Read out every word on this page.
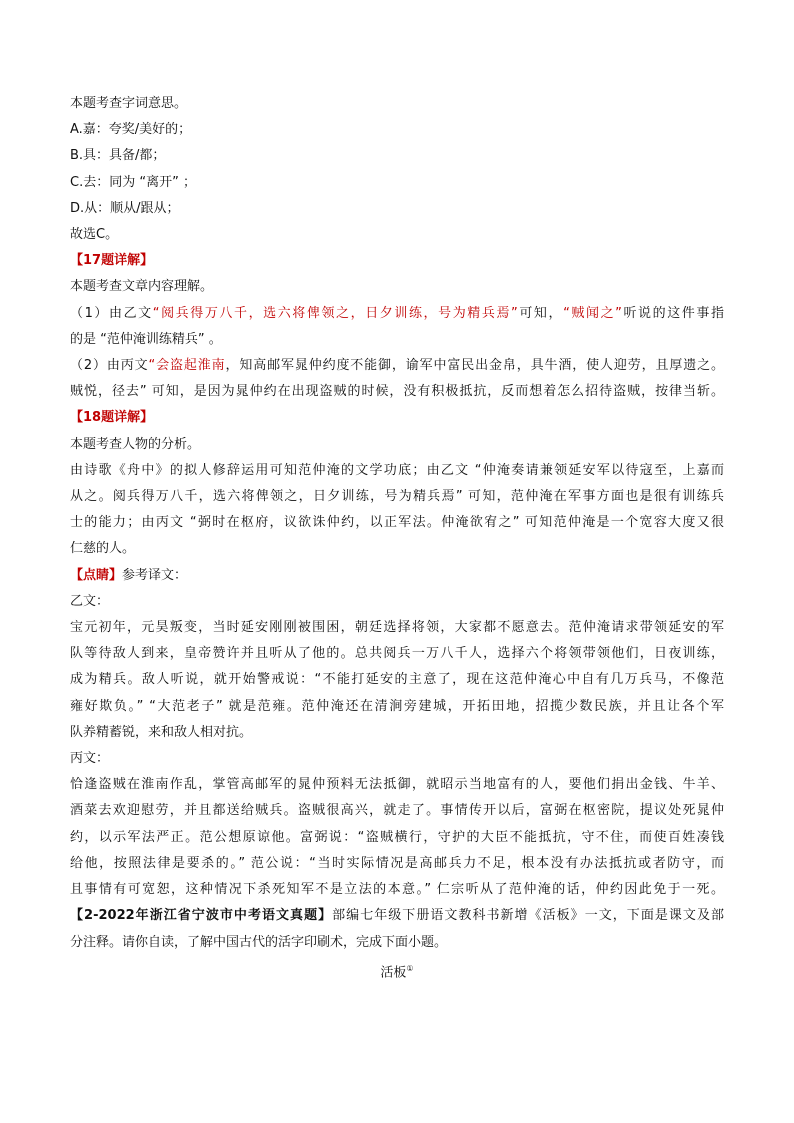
本题考查字词意思。
A.嘉：夸奖/美好的；
B.具：具备/都；
C.去：同为 “离开” ；
D.从：顺从/跟从；
故选C。
【17题详解】
本题考查文章内容理解。
（1）由乙文“阅兵得万八千，选六将俾领之，日夕训练，号为精兵焉”可知，“贼闻之”听说的这件事指
的是 “范仲淹训练精兵” 。
（2）由丙文“会盗起淮南，知高邮军晁仲约度不能御，谕军中富民出金帛，具牛酒，使人迎劳，且厚遗之。
贼悦，径去” 可知，是因为晁仲约在出现盗贼的时候，没有积极抵抗，反而想着怎么招待盗贼，按律当斩。
【18题详解】
本题考查人物的分析。
由诗歌《舟中》的拟人修辞运用可知范仲淹的文学功底；由乙文 “仲淹奏请兼领延安军以待寇至，上嘉而
从之。阅兵得万八千，选六将俾领之，日夕训练，号为精兵焉” 可知，范仲淹在军事方面也是很有训练兵
士的能力；由丙文 “弼时在枢府，议欲诛仲约，以正军法。仲淹欲宥之” 可知范仲淹是一个宽容大度又很
仁慈的人。
【点睛】参考译文：
乙文：
宝元初年，元昊叛变，当时延安刚刚被围困，朝廷选择将领，大家都不愿意去。范仲淹请求带领延安的军
队等待敌人到来，皇帝赞许并且听从了他的。总共阅兵一万八千人，选择六个将领带领他们，日夜训练，
成为精兵。敌人听说，就开始警戒说：“不能打延安的主意了，现在这范仲淹心中自有几万兵马，不像范
雍好欺负。” “大范老子” 就是范雍。范仲淹还在清涧旁建城，开拓田地，招揽少数民族，并且让各个军
队养精蓄锐，来和敌人相对抗。
丙文：
恰逢盗贼在淮南作乱，掌管高邮军的晁仲预料无法抵御，就昭示当地富有的人，要他们捐出金钱、牛羊、
酒菜去欢迎慰劳，并且都送给贼兵。盗贼很高兴，就走了。事情传开以后，富弼在枢密院，提议处死晁仲
约，以示军法严正。范公想原谅他。富弼说：“盗贼横行，守护的大臣不能抵抗，守不住，而使百姓凑钱
给他，按照法律是要杀的。” 范公说：“当时实际情况是高邮兵力不足，根本没有办法抵抗或者防守，而
且事情有可宽恕，这种情况下杀死知军不是立法的本意。” 仁宗听从了范仲淹的话，仲约因此免于一死。
【2-2022年浙江省宁波市中考语文真题】部编七年级下册语文教科书新增《活板》一文，下面是课文及部
分注释。请你自读，了解中国古代的活字印刷术，完成下面小题。
活板①
